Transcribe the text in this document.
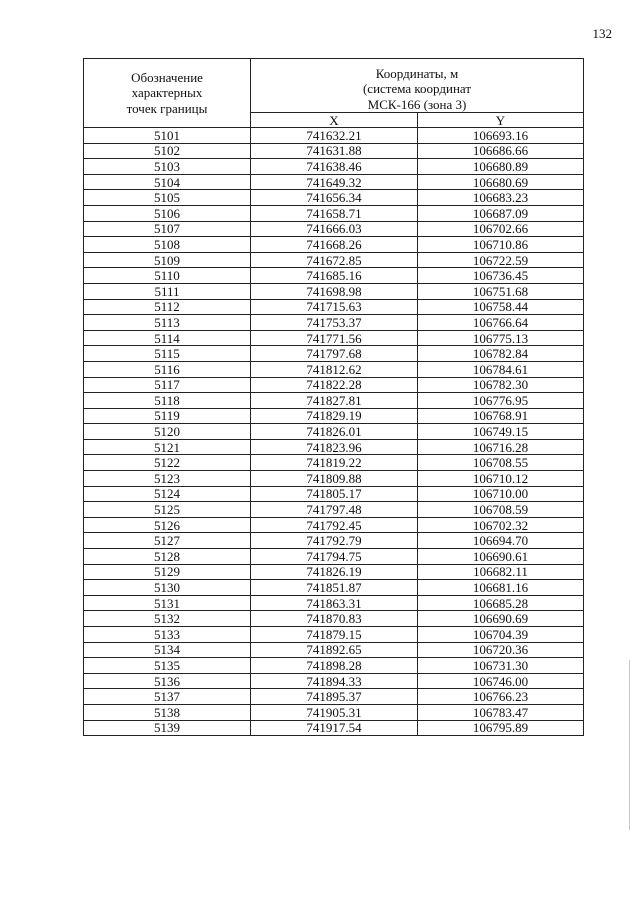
132
Обозначение
характерных
точек границы	Координаты, м
(система координат
МСК-166 (зона 3)	

	X	Y
5101	741632.21	106693.16
5102	741631.88	106686.66
5103	741638.46	106680.89
5104	741649.32	106680.69
5105	741656.34	106683.23
5106	741658.71	106687.09
5107	741666.03	106702.66
5108	741668.26	106710.86
5109	741672.85	106722.59
5110	741685.16	106736.45
5111	741698.98	106751.68
5112	741715.63	106758.44
5113	741753.37	106766.64
5114	741771.56	106775.13
5115	741797.68	106782.84
5116	741812.62	106784.61
5117	741822.28	106782.30
5118	741827.81	106776.95
5119	741829.19	106768.91
5120	741826.01	106749.15
5121	741823.96	106716.28
5122	741819.22	106708.55
5123	741809.88	106710.12
5124	741805.17	106710.00
5125	741797.48	106708.59
5126	741792.45	106702.32
5127	741792.79	106694.70
5128	741794.75	106690.61
5129	741826.19	106682.11
5130	741851.87	106681.16
5131	741863.31	106685.28
5132	741870.83	106690.69
5133	741879.15	106704.39
5134	741892.65	106720.36
5135	741898.28	106731.30
5136	741894.33	106746.00
5137	741895.37	106766.23
5138	741905.31	106783.47
5139	741917.54	106795.89
